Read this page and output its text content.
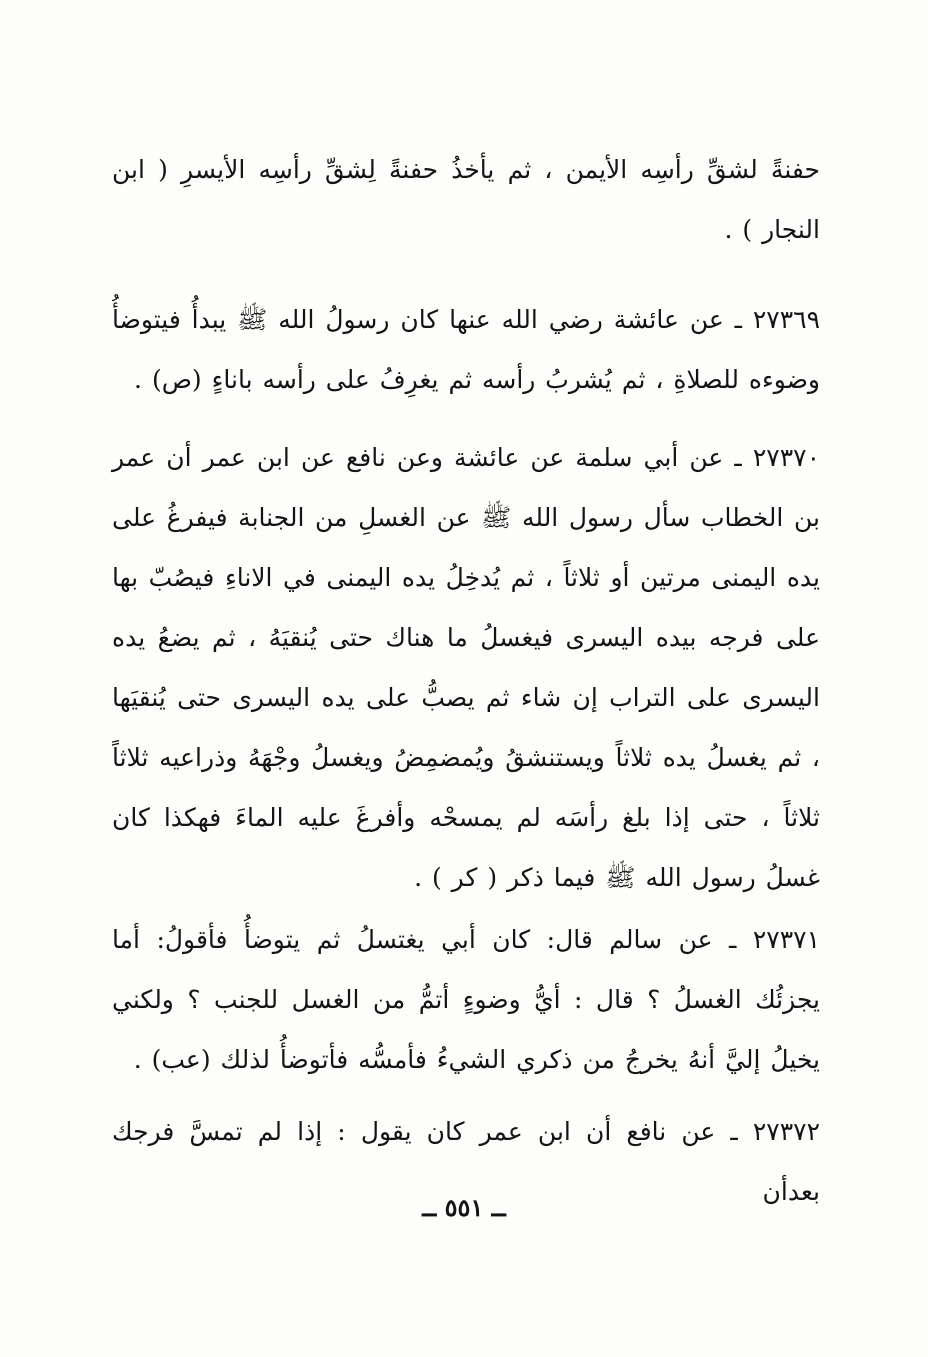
حفنةً لشقِّ رأسِه الأيمن ، ثم يأخذُ حفنةً لِشقِّ رأسِه الأيسرِ ( ابن النجار ) .

٢٧٣٦٩ ـ عن عائشة رضي الله عنها كان رسولُ الله ﷺ يبدأُ فيتوضأُ وضوءه للصلاةِ ، ثم يُشربُ رأسه ثم يغرِفُ على رأسه باناءٍ (ص) .

٢٧٣٧٠ ـ عن أبي سلمة عن عائشة وعن نافع عن ابن عمر أن عمر بن الخطاب سأل رسول الله ﷺ عن الغسلِ من الجنابة فيفرغُ على يده اليمنى مرتين أو ثلاثاً ، ثم يُدخِلُ يده اليمنى في الاناءِ فيصُبّ بها على فرجه بيده اليسرى فيغسلُ ما هناك حتى يُنقيَهُ ، ثم يضعُ يده اليسرى على التراب إن شاء ثم يصبُّ على يده اليسرى حتى يُنقيَها ، ثم يغسلُ يده ثلاثاً ويستنشقُ ويُمضمِضُ ويغسلُ وجْهَهُ وذراعيه ثلاثاً ثلاثاً ، حتى إذا بلغ رأسَه لم يمسحْه وأفرغَ عليه الماءَ فهكذا كان غسلُ رسول الله ﷺ فيما ذكر ( كر ) .

٢٧٣٧١ ـ عن سالم قال: كان أبي يغتسلُ ثم يتوضأُ فأقولُ: أما يجزئُك الغسلُ ؟ قال : أيُّ وضوءٍ أتمُّ من الغسل للجنب ؟ ولكني يخيلُ إليَّ أنهُ يخرجُ من ذكري الشيءُ فأمسُّه فأتوضأُ لذلك (عب) .

٢٧٣٧٢ ـ عن نافع أن ابن عمر كان يقول : إذا لم تمسَّ فرجك بعدأن

ــ ٥٥١ ــ
